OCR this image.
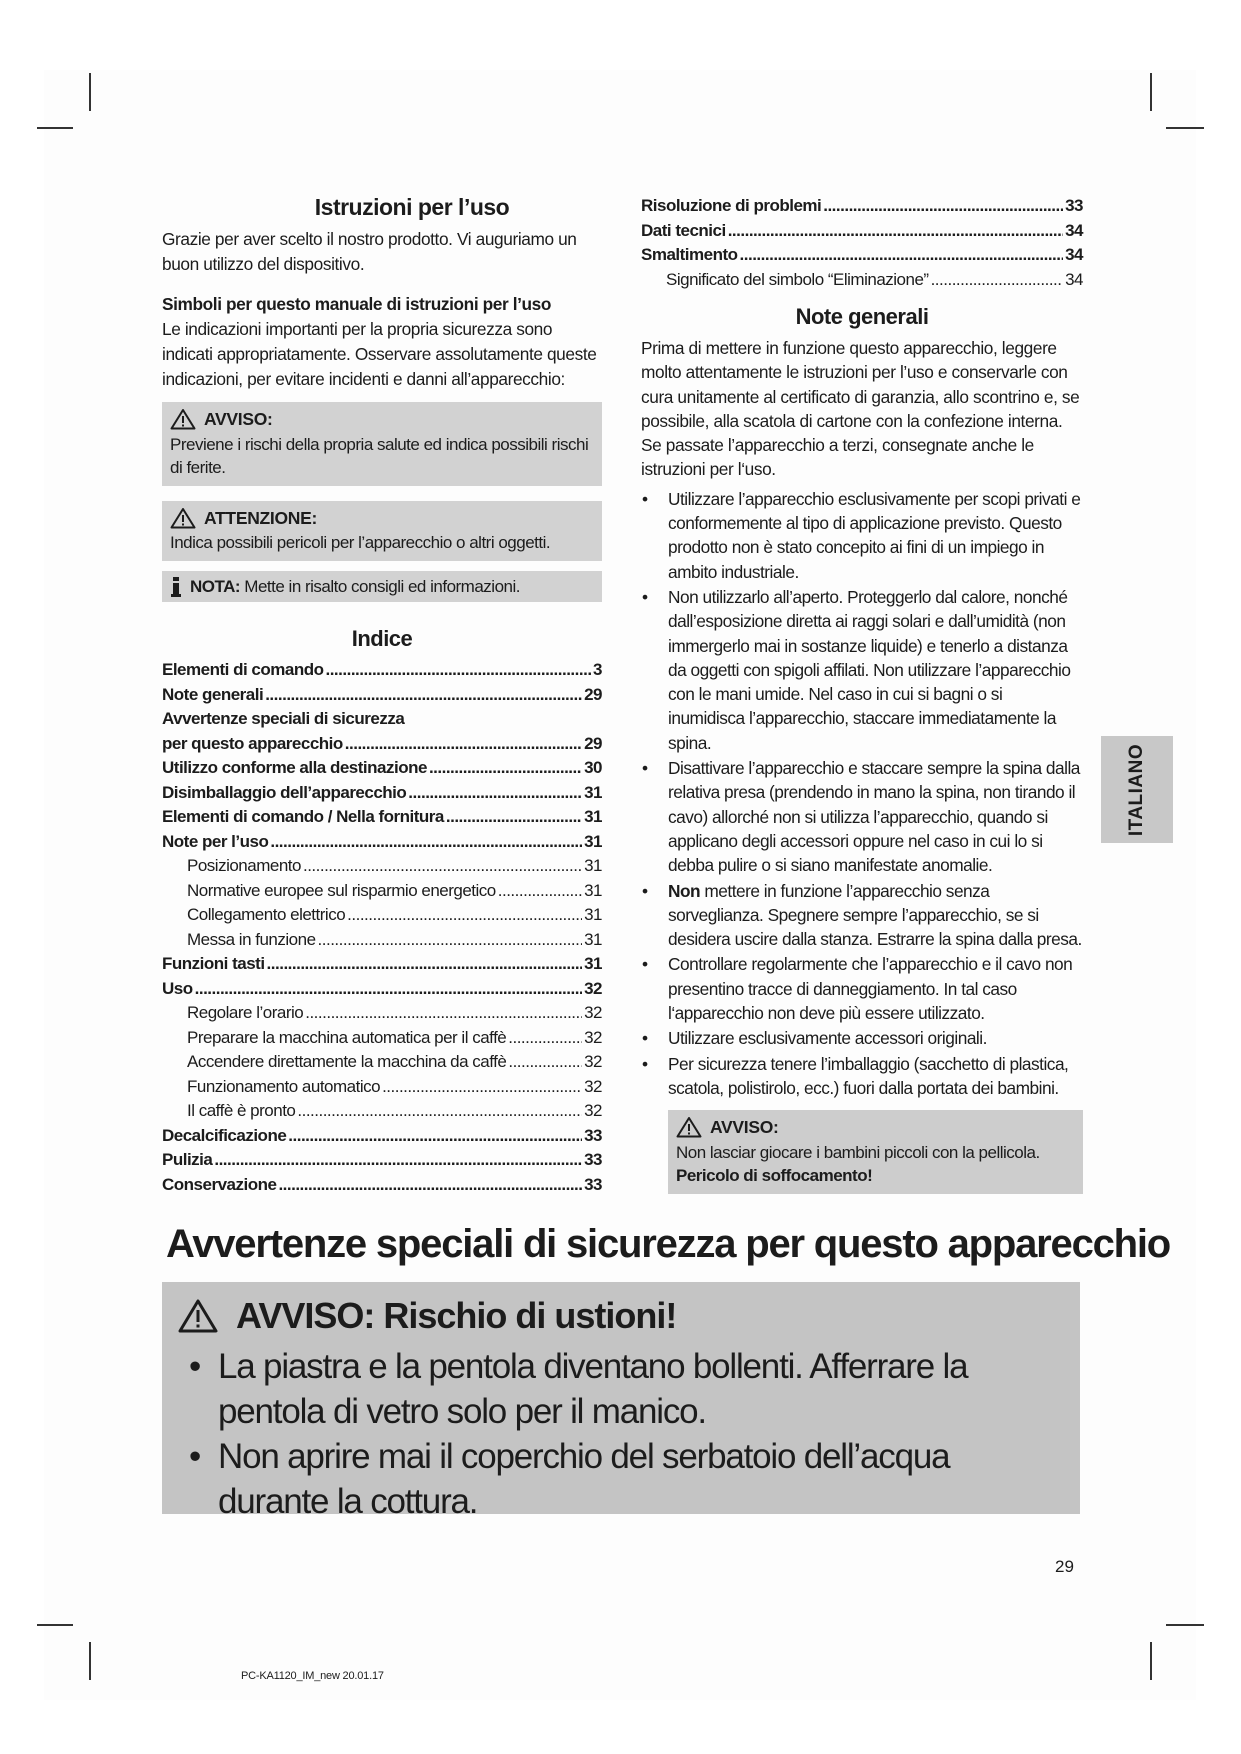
Istruzioni per l’uso

Grazie per aver scelto il nostro prodotto. Vi auguriamo un buon utilizzo del dispositivo.

Simboli per questo manuale di istruzioni per l’uso

Le indicazioni importanti per la propria sicurezza sono indicati appropriatamente. Osservare assolutamente queste indicazioni, per evitare incidenti e danni all’apparecchio:

AVVISO:
Previene i rischi della propria salute ed indica possibili rischi di ferite.
ATTENZIONE:
Indica possibili pericoli per l’apparecchio o altri oggetti.
NOTA: Mette in risalto consigli ed informazioni.
Indice
Elementi di comando .....	3
Note generali .....	29
Avvertenze speciali di sicurezza
per questo apparecchio .....	29
Utilizzo conforme alla destinazione .....	30
Disimballaggio dell’apparecchio .....	31
Elementi di comando / Nella fornitura .....	31
Note per l’uso .....	31
Posizionamento .....	31
Normative europee sul risparmio energetico .....	31
Collegamento elettrico .....	31
Messa in funzione .....	31
Funzioni tasti .....	31
Uso .....	32
Regolare l’orario .....	32
Preparare la macchina automatica per il caffè .....	32
Accendere direttamente la macchina da caffè .....	32
Funzionamento automatico .....	32
Il caffè è pronto .....	32
Decalcificazione .....	33
Pulizia .....	33
Conservazione .....	33
Risoluzione di problemi .....	33
Dati tecnici .....	34
Smaltimento .....	34
Significato del simbolo “Eliminazione” .....	34
Note generali

Prima di mettere in funzione questo apparecchio, leggere molto attentamente le istruzioni per l’uso e conservarle con cura unitamente al certificato di garanzia, allo scontrino e, se possibile, alla scatola di cartone con la confezione interna. Se passate l’apparecchio a terzi, consegnate anche le istruzioni per l‘uso.

• Utilizzare l’apparecchio esclusivamente per scopi privati e conformemente al tipo di applicazione previsto. Questo prodotto non è stato concepito ai fini di un impiego in ambito industriale.
• Non utilizzarlo all’aperto. Proteggerlo dal calore, nonché dall’esposizione diretta ai raggi solari e dall’umidità (non immergerlo mai in sostanze liquide) e tenerlo a distanza da oggetti con spigoli affilati. Non utilizzare l’apparecchio con le mani umide. Nel caso in cui si bagni o si inumidisca l’apparecchio, staccare immediatamente la spina.
• Disattivare l’apparecchio e staccare sempre la spina dalla relativa presa (prendendo in mano la spina, non tirando il cavo) allorché non si utilizza l’apparecchio, quando si applicano degli accessori oppure nel caso in cui lo si debba pulire o si siano manifestate anomalie.
• Non mettere in funzione l’apparecchio senza sorveglianza. Spegnere sempre l’apparecchio, se si desidera uscire dalla stanza. Estrarre la spina dalla presa.
• Controllare regolarmente che l’apparecchio e il cavo non presentino tracce di danneggiamento. In tal caso l‘apparecchio non deve più essere utilizzato.
• Utilizzare esclusivamente accessori originali.
• Per sicurezza tenere l’imballaggio (sacchetto di plastica, scatola, polistirolo, ecc.) fuori dalla portata dei bambini.
AVVISO:
Non lasciar giocare i bambini piccoli con la pellicola.
Pericolo di soffocamento!
ITALIANO
Avvertenze speciali di sicurezza per questo apparecchio
AVVISO: Rischio di ustioni!
• La piastra e la pentola diventano bollenti. Afferrare la pentola di vetro solo per il manico.
• Non aprire mai il coperchio del serbatoio dell’acqua durante la cottura.
29
PC-KA1120_IM_new 20.01.17
